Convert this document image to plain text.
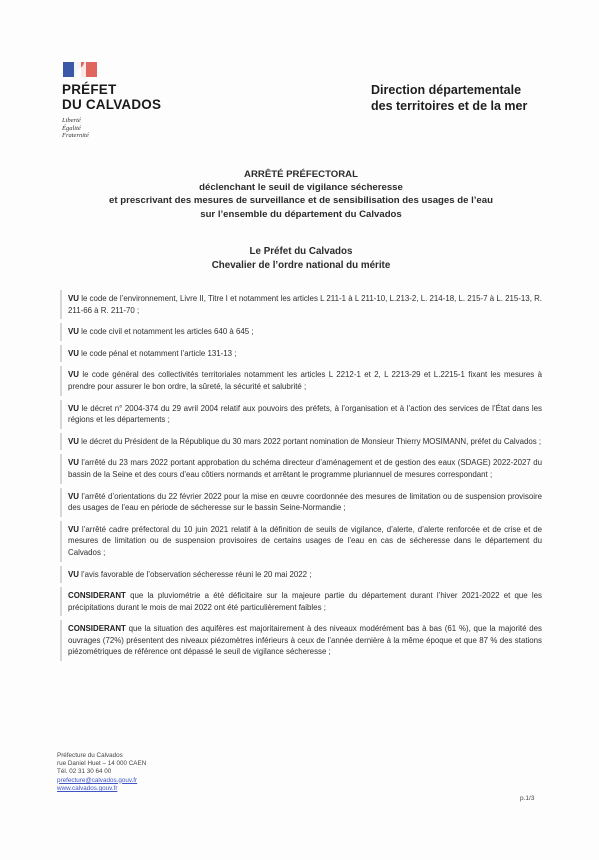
PRÉFET
DU CALVADOS
Liberté
Égalité
Fraternité
Direction départementale
des territoires et de la mer
ARRÊTÉ PRÉFECTORAL
déclenchant le seuil de vigilance sécheresse
et prescrivant des mesures de surveillance et de sensibilisation des usages de l’eau
sur l’ensemble du département du Calvados
Le Préfet du Calvados
Chevalier de l’ordre national du mérite
VU le code de l’environnement, Livre II, Titre I et notamment les articles L 211-1 à L 211-10, L.213-2, L. 214-18, L. 215-7 à L. 215-13, R. 211-66 à R. 211-70 ;
VU le code civil et notamment les articles 640 à 645 ;
VU le code pénal et notamment l’article 131-13 ;
VU le code général des collectivités territoriales notamment les articles L 2212-1 et 2, L 2213-29 et L.2215-1 fixant les mesures à prendre pour assurer le bon ordre, la sûreté, la sécurité et salubrité ;
VU le décret n° 2004-374 du 29 avril 2004 relatif aux pouvoirs des préfets, à l’organisation et à l’action des services de l’État dans les régions et les départements ;
VU le décret du Président de la République du 30 mars 2022 portant nomination de Monsieur Thierry MOSIMANN, préfet du Calvados ;
VU l’arrêté du 23 mars 2022 portant approbation du schéma directeur d’aménagement et de gestion des eaux (SDAGE) 2022-2027 du bassin de la Seine et des cours d’eau côtiers normands et arrêtant le programme pluriannuel de mesures correspondant ;
VU l’arrêté d’orientations du 22 février 2022 pour la mise en œuvre coordonnée des mesures de limitation ou de suspension provisoire des usages de l’eau en période de sécheresse sur le bassin Seine-Normandie ;
VU l’arrêté cadre préfectoral du 10 juin 2021 relatif à la définition de seuils de vigilance, d’alerte, d’alerte renforcée et de crise et de mesures de limitation ou de suspension provisoires de certains usages de l’eau en cas de sécheresse dans le département du Calvados ;
VU l’avis favorable de l’observation sécheresse réuni le 20 mai 2022 ;
CONSIDERANT que la pluviométrie a été déficitaire sur la majeure partie du département durant l’hiver 2021-2022 et que les précipitations durant le mois de mai 2022 ont été particulièrement faibles ;
CONSIDERANT que la situation des aquifères est majoritairement à des niveaux modérément bas à bas (61 %), que la majorité des ouvrages (72%) présentent des niveaux piézomètres inférieurs à ceux de l’année dernière à la même époque et que 87 % des stations piézométriques de référence ont dépassé le seuil de vigilance sécheresse ;
Préfecture du Calvados
rue Daniel Huet – 14 000 CAEN
Tél. 02 31 30 64 00
prefecture@calvados.gouv.fr
www.calvados.gouv.fr
p.1/3
